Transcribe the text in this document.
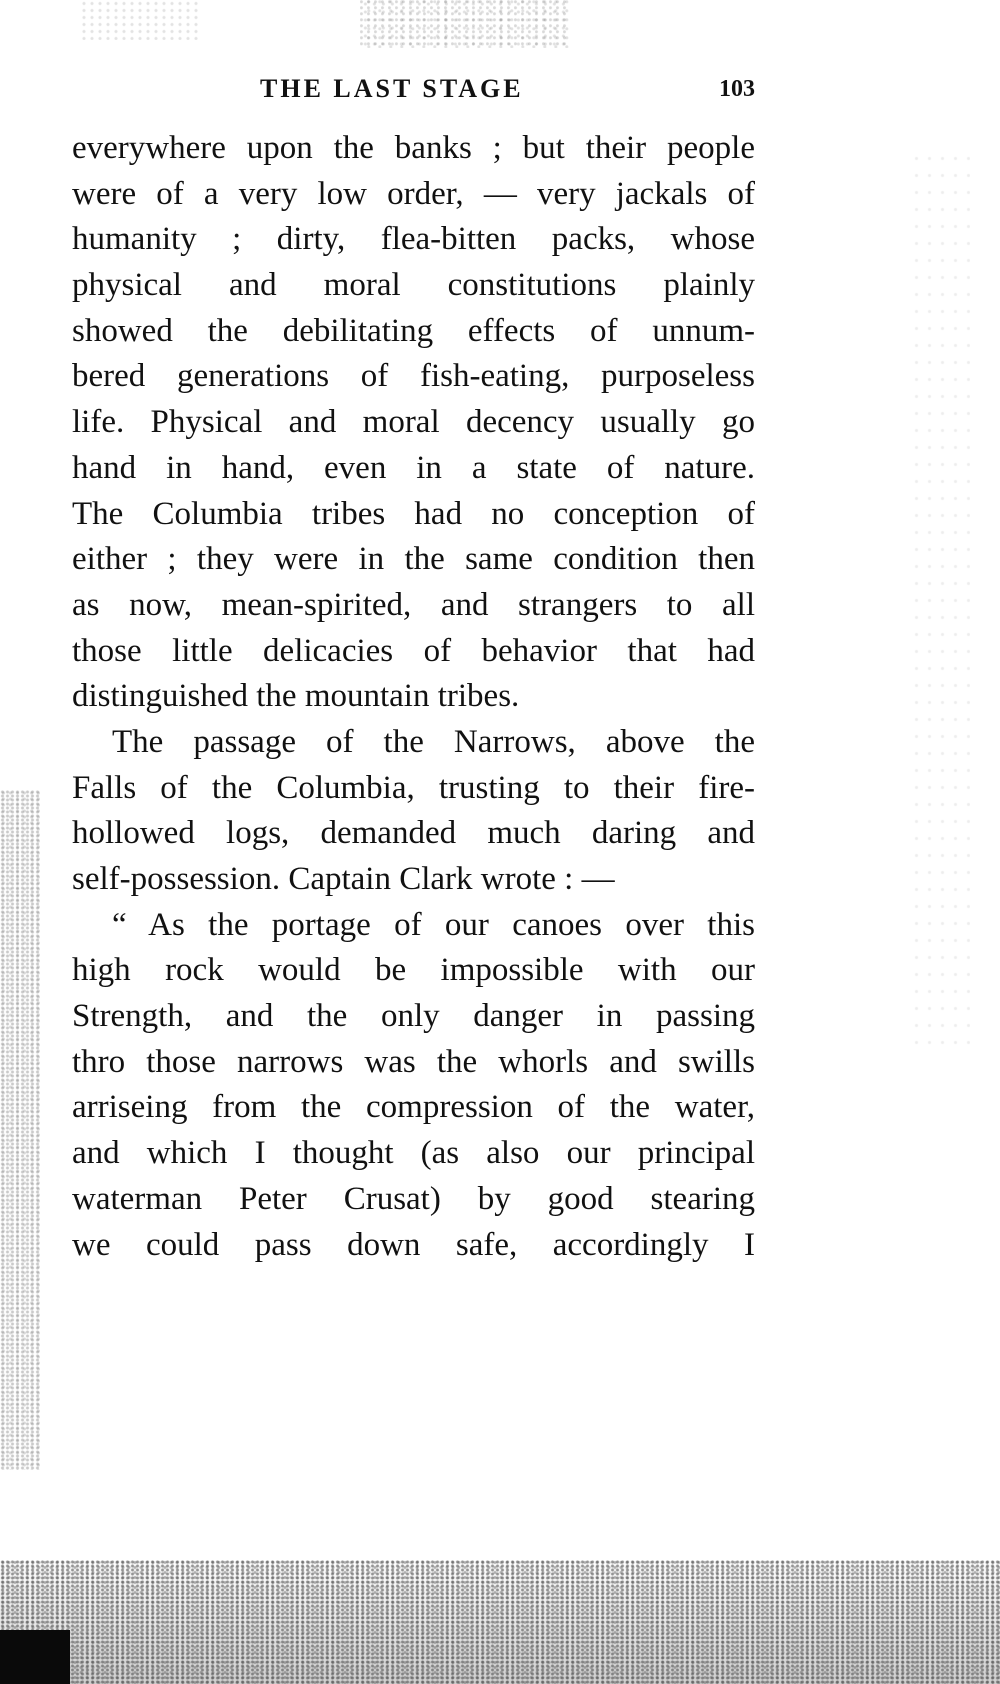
THE LAST STAGE	103
everywhere upon the banks ; but their people
were of a very low order, — very jackals of
humanity ; dirty, flea-bitten packs, whose
physical and moral constitutions plainly
showed the debilitating effects of unnum-
bered generations of fish-eating, purposeless
life. Physical and moral decency usually go
hand in hand, even in a state of nature.
The Columbia tribes had no conception of
either ; they were in the same condition then
as now, mean-spirited, and strangers to all
those little delicacies of behavior that had
distinguished the mountain tribes.
The passage of the Narrows, above the
Falls of the Columbia, trusting to their fire-
hollowed logs, demanded much daring and
self-possession. Captain Clark wrote : —
“ As the portage of our canoes over this
high rock would be impossible with our
Strength, and the only danger in passing
thro those narrows was the whorls and swills
arriseing from the compression of the water,
and which I thought (as also our principal
waterman Peter Crusat) by good stearing
we could pass down safe, accordingly I
